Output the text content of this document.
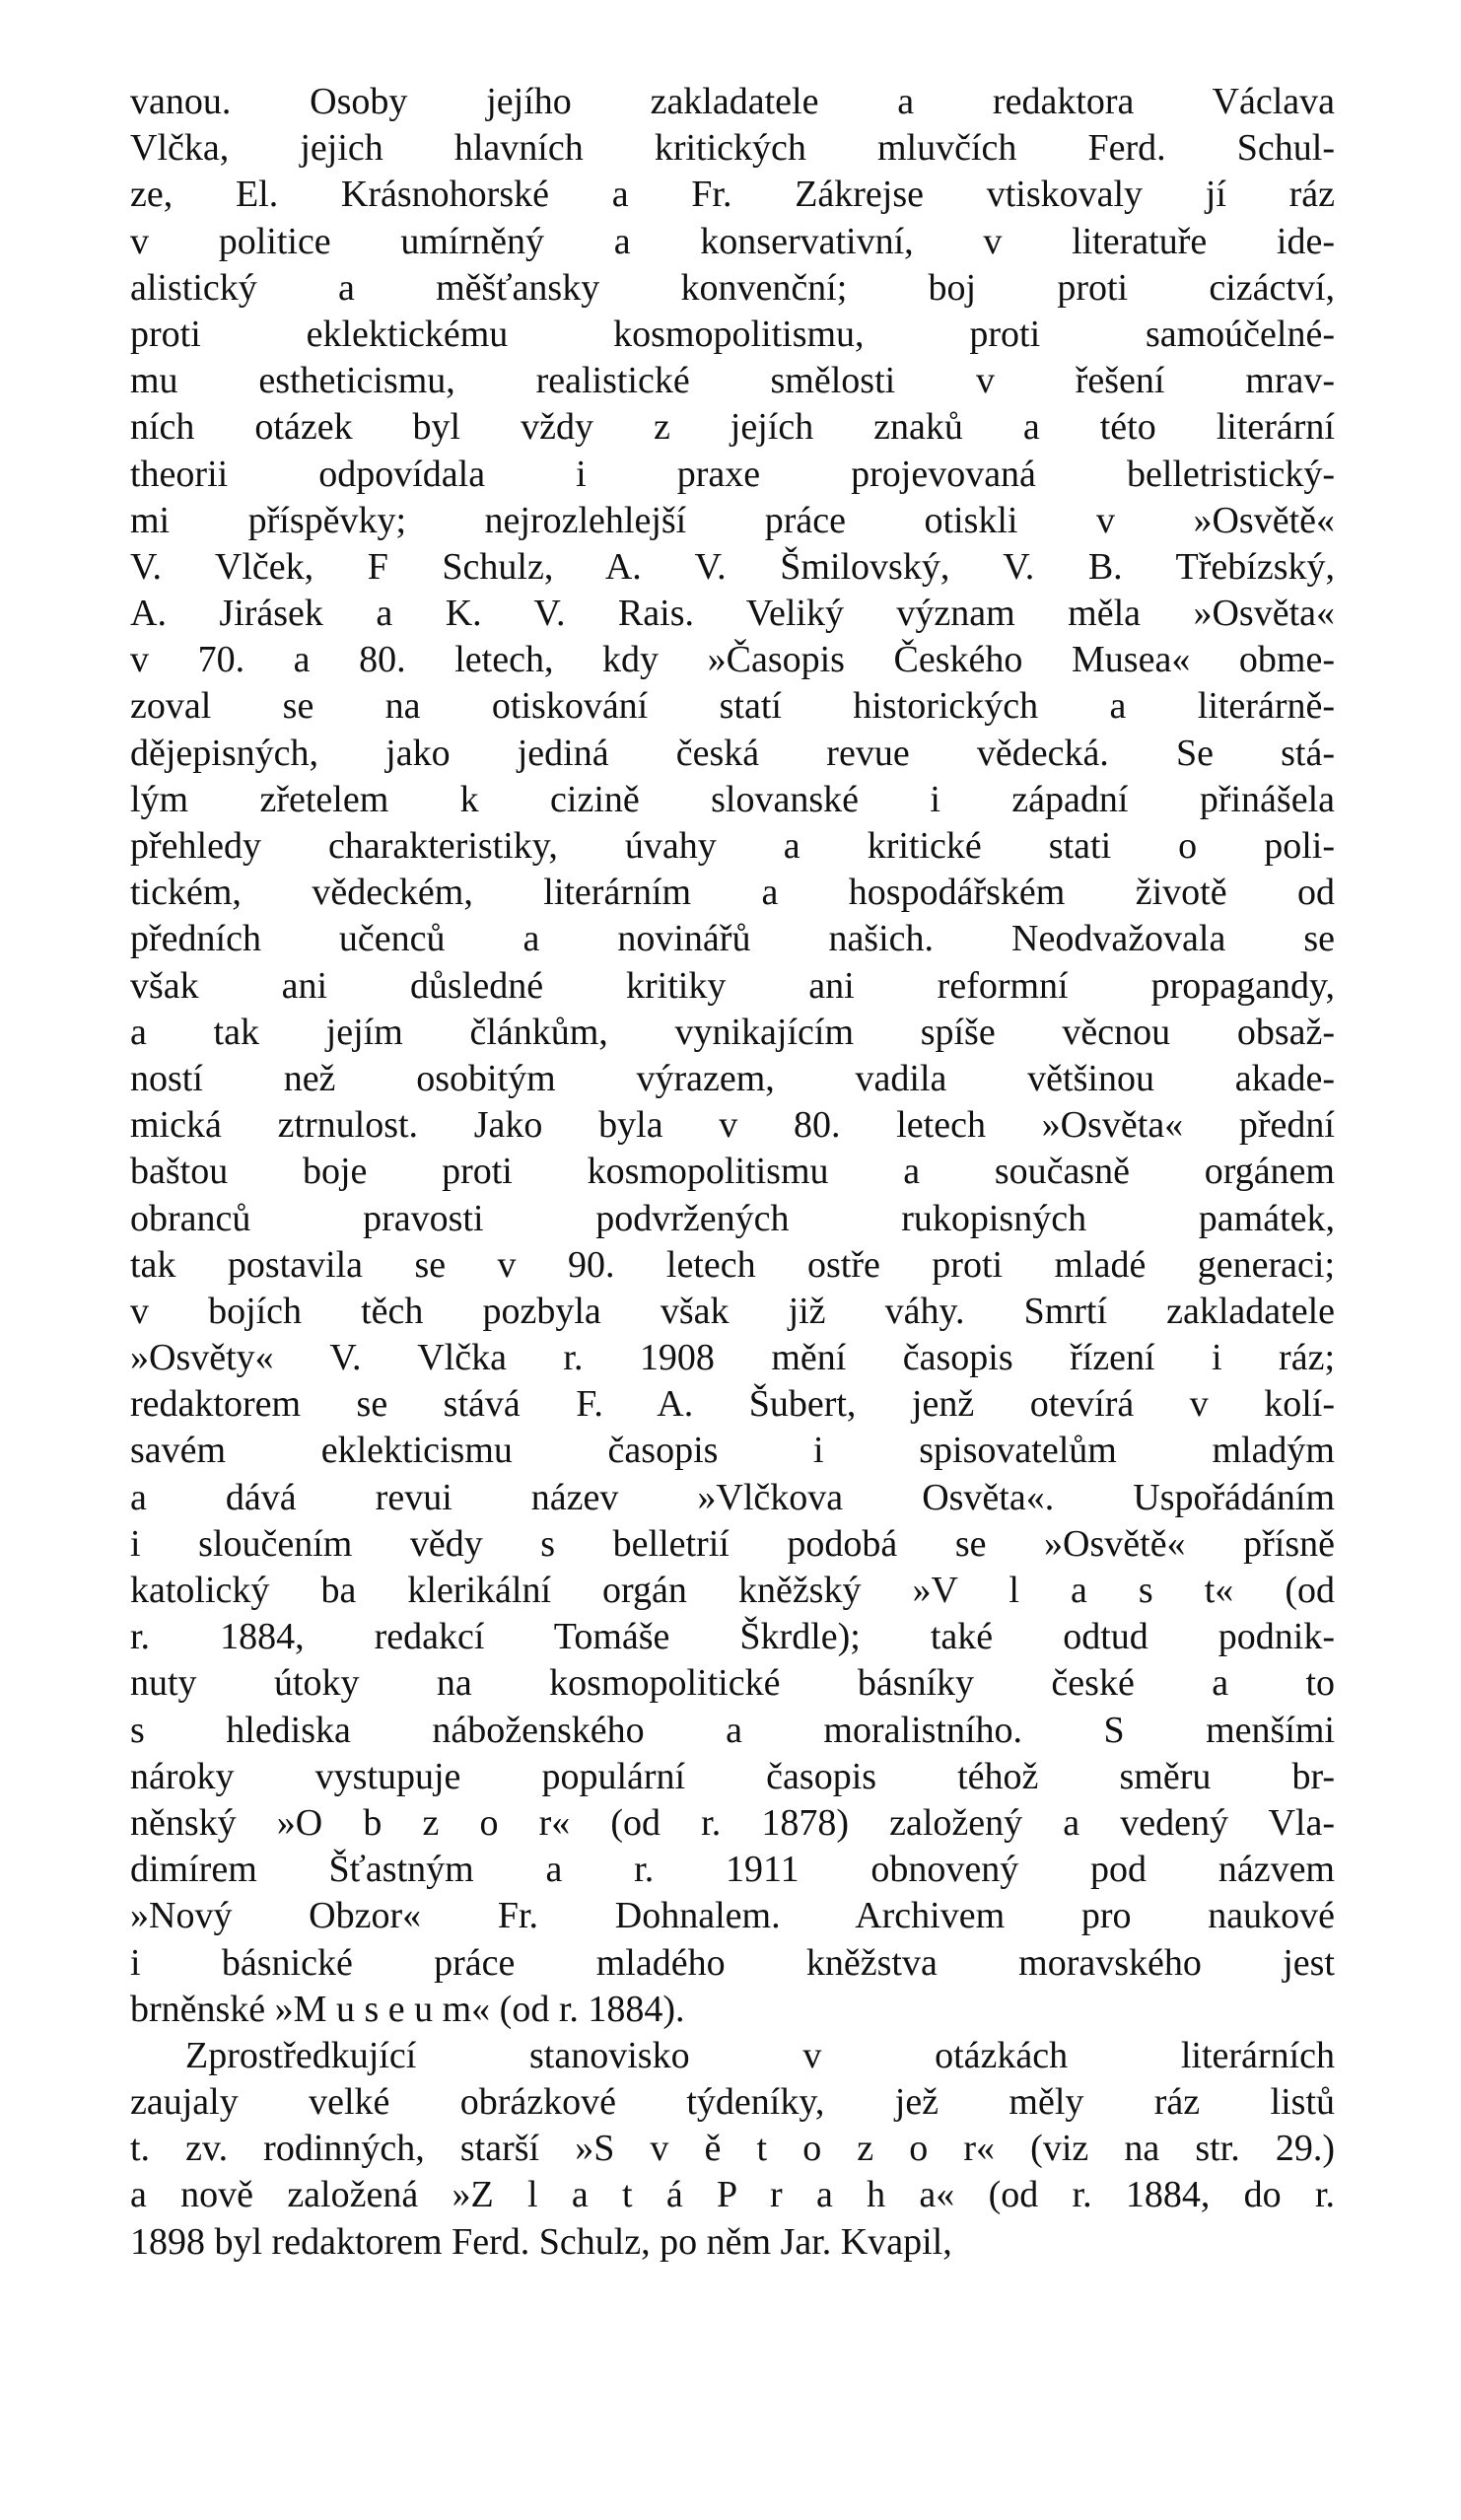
vanou. Osoby jejího zakladatele a redaktora Václava
Vlčka, jejich hlavních kritických mluvčích Ferd. Schul-
ze, El. Krásnohorské a Fr. Zákrejse vtiskovaly jí ráz
v politice umírněný a konservativní, v literatuře ide-
alistický a měšťansky konvenční; boj proti cizáctví,
proti eklektickému kosmopolitismu, proti samoúčelné-
mu estheticismu, realistické smělosti v řešení mrav-
ních otázek byl vždy z jejích znaků a této literární
theorii odpovídala i praxe projevovaná belletristický-
mi příspěvky; nejrozlehlejší práce otiskli v »Osvětě«
V. Vlček, F Schulz, A. V. Šmilovský, V. B. Třebízský,
A. Jirásek a K. V. Rais. Veliký význam měla »Osvěta«
v 70. a 80. letech, kdy »Časopis Českého Musea« obme-
zoval se na otiskování statí historických a literárně-
dějepisných, jako jediná česká revue vědecká. Se stá-
lým zřetelem k cizině slovanské i západní přinášela
přehledy charakteristiky, úvahy a kritické stati o poli-
tickém, vědeckém, literárním a hospodářském životě od
předních učenců a novinářů našich. Neodvažovala se
však ani důsledné kritiky ani reformní propagandy,
a tak jejím článkům, vynikajícím spíše věcnou obsaž-
ností než osobitým výrazem, vadila většinou akade-
mická ztrnulost. Jako byla v 80. letech »Osvěta« přední
baštou boje proti kosmopolitismu a současně orgánem
obranců pravosti podvržených rukopisných památek,
tak postavila se v 90. letech ostře proti mladé generaci;
v bojích těch pozbyla však již váhy. Smrtí zakladatele
»Osvěty« V. Vlčka r. 1908 mění časopis řízení i ráz;
redaktorem se stává F. A. Šubert, jenž otevírá v kolí-
savém eklekticismu časopis i spisovatelům mladým
a dává revui název »Vlčkova Osvěta«. Uspořádáním
i sloučením vědy s belletrií podobá se »Osvětě« přísně
katolický ba klerikální orgán kněžský »V l a s t« (od
r. 1884, redakcí Tomáše Škrdle); také odtud podnik-
nuty útoky na kosmopolitické básníky české a to
s hlediska náboženského a moralistního. S menšími
nároky vystupuje populární časopis téhož směru br-
něnský »O b z o r« (od r. 1878) založený a vedený Vla-
dimírem Šťastným a r. 1911 obnovený pod názvem
»Nový Obzor« Fr. Dohnalem. Archivem pro naukové
i básnické práce mladého kněžstva moravského jest
brněnské »M u s e u m« (od r. 1884).
Zprostředkující stanovisko v otázkách literárních
zaujaly velké obrázkové týdeníky, jež měly ráz listů
t. zv. rodinných, starší »S v ě t o z o r« (viz na str. 29.)
a nově založená »Z l a t á P r a h a« (od r. 1884, do r.
1898 byl redaktorem Ferd. Schulz, po něm Jar. Kvapil,
